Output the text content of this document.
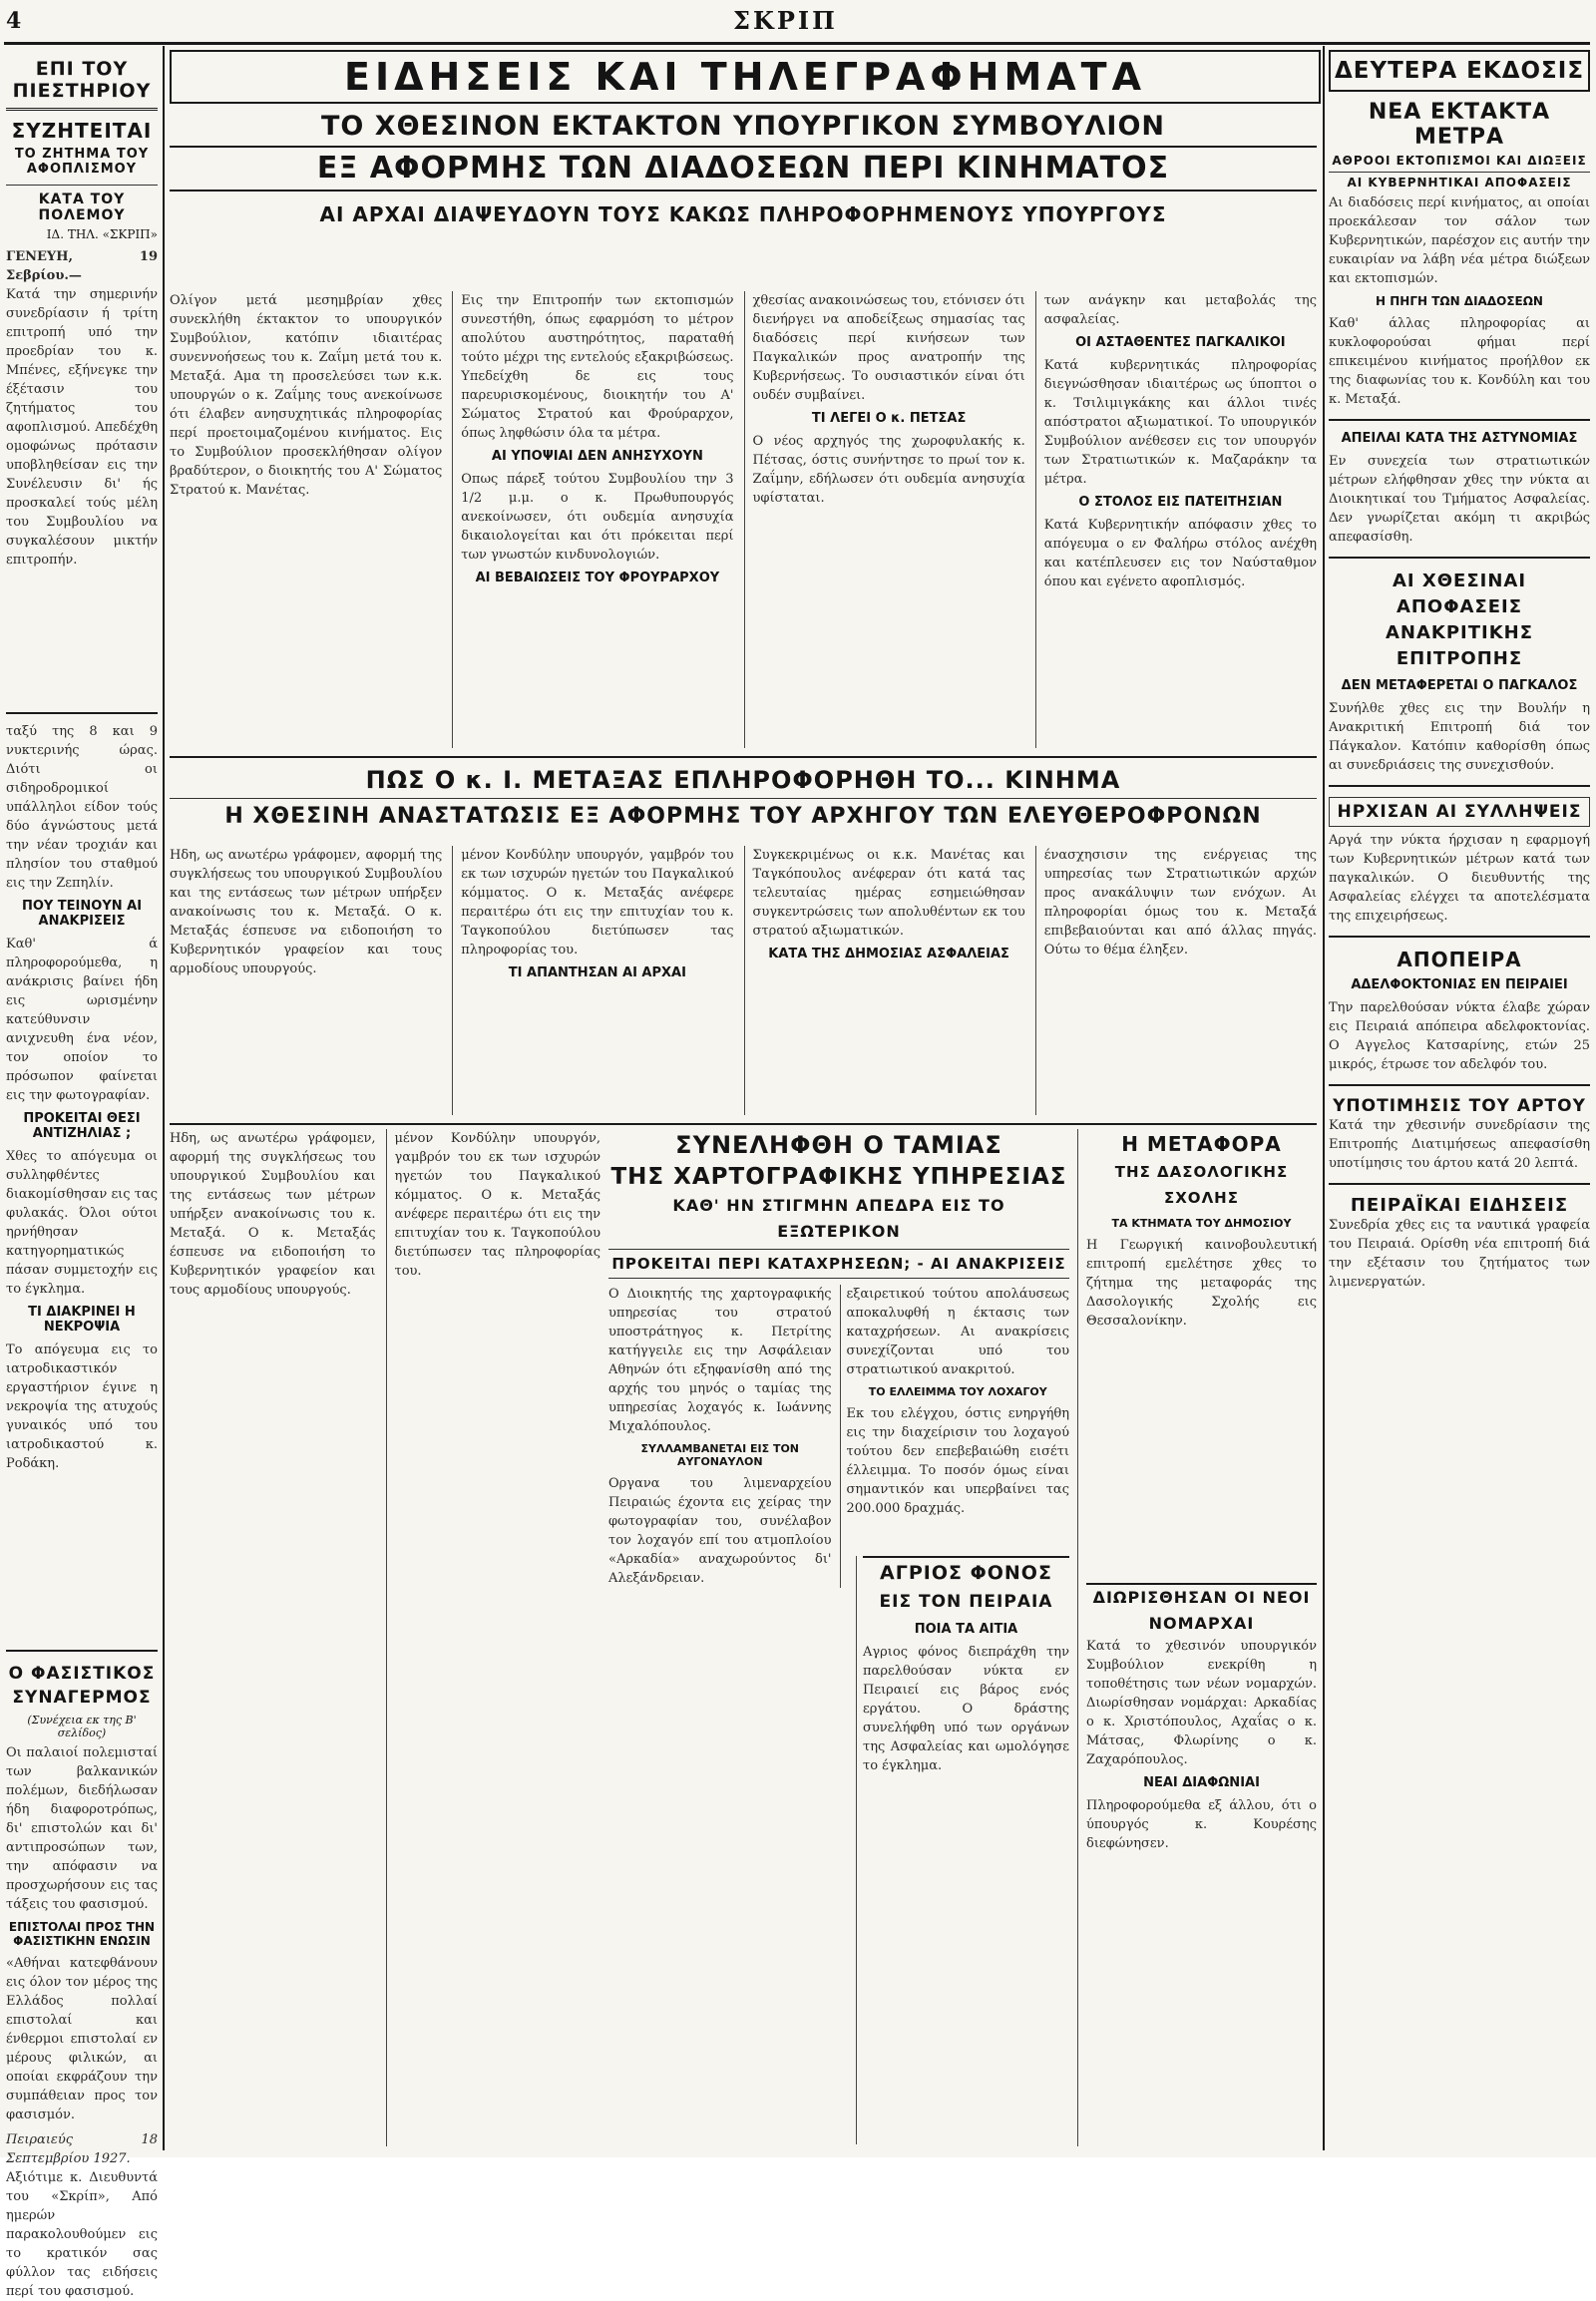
4	ΣΚΡΙΠ
ΕΠΙ ΤΟΥ ΠΙΕΣΤΗΡΙΟΥ
ΣΥΖΗΤΕΙΤΑΙ
ΤΟ ΖΗΤΗΜΑ ΤΟΥ ΑΦΟΠΛΙΣΜΟΥ
ΚΑΤΑ ΤΟΥ ΠΟΛΕΜΟΥ
ΙΔ. ΤΗΛ. «ΣΚΡΙΠ»
ΓΕΝΕΥΗ, 19 Σεβρίου.—
Κατά την σημερινήν συνεδρίασιν ή τρίτη επιτροπή υπό την προεδρίαν του κ. Μπένες, εξήνεγκε την έξέτασιν του ζητήματος του αφοπλισμού. Απεδέχθη ομοφώνως πρότασιν υποβληθείσαν εις την Συνέλευσιν δι' ής προσκαλεί τούς μέλη του Συμβουλίου να συγκαλέσουν μικτήν επιτροπήν.
ταξύ της 8 και 9 νυκτερινής ώρας. Διότι οι σιδηροδρομικοί υπάλληλοι είδον τούς δύο άγνώστους μετά την νέαν τροχιάν και πλησίον του σταθμού εις την Ζεπηλίν.
ΠΟΥ ΤΕΙΝΟΥΝ ΑΙ ΑΝΑΚΡΙΣΕΙΣ
Καθ' ά πληροφορούμεθα, η ανάκρισις βαίνει ήδη εις ωρισμένην κατεύθυνσιν ανιχνευθη ένα νέον, τον οποίον το πρόσωπον φαίνεται εις την φωτογραφίαν.
ΠΡΟΚΕΙΤΑΙ ΘΕΣΙ ΑΝΤΙΖΗΛΙΑΣ ;
Χθες το απόγευμα οι συλληφθέντες διακομίσθησαν εις τας φυλακάς. Όλοι ούτοι ηρνήθησαν κατηγορηματικώς πάσαν συμμετοχήν εις το έγκλημα.
ΤΙ ΔΙΑΚΡΙΝΕΙ Η ΝΕΚΡΟΨΙΑ
Το απόγευμα εις το ιατροδικαστικόν εργαστήριον έγινε η νεκροψία της ατυχούς γυναικός υπό του ιατροδικαστού κ. Ροδάκη.
Ο ΦΑΣΙΣΤΙΚΟΣ ΣΥΝΑΓΕΡΜΟΣ
(Συνέχεια εκ της Β' σελίδος)
Οι παλαιοί πολεμισταί των βαλκανικών πολέμων, διεδήλωσαν ήδη διαφοροτρόπως, δι' επιστολών και δι' αντιπροσώπων των, την απόφασιν να προσχωρήσουν εις τας τάξεις του φασισμού.
ΕΠΙΣΤΟΛΑΙ ΠΡΟΣ ΤΗΝ ΦΑΣΙΣΤΙΚΗΝ ΕΝΩΣΙΝ
«Αθήναι κατεφθάνουν εις όλον τον μέρος της Ελλάδος πολλαί επιστολαί και ένθερμοι επιστολαί εν μέρους φιλικών, αι οποίαι εκφράζουν την συμπάθειαν προς τον φασισμόν.
Πειραιεύς 18 Σεπτεμβρίου 1927.
Αξιότιμε κ. Διευθυντά του «Σκρίπ», Από ημερών παρακολουθούμεν εις το κρατικόν σας φύλλον τας ειδήσεις περί του φασισμού.
ΕΙΔΗΣΕΙΣ ΚΑΙ ΤΗΛΕΓΡΑΦΗΜΑΤΑ
ΤΟ ΧΘΕΣΙΝΟΝ ΕΚΤΑΚΤΟΝ ΥΠΟΥΡΓΙΚΟΝ ΣΥΜΒΟΥΛΙΟΝ
ΕΞ ΑΦΟΡΜΗΣ ΤΩΝ ΔΙΑΔΟΣΕΩΝ ΠΕΡΙ ΚΙΝΗΜΑΤΟΣ
ΑΙ ΑΡΧΑΙ ΔΙΑΨΕΥΔΟΥΝ ΤΟΥΣ ΚΑΚΩΣ ΠΛΗΡΟΦΟΡΗΜΕΝΟΥΣ ΥΠΟΥΡΓΟΥΣ
Ολίγον μετά μεσημβρίαν χθες συνεκλήθη έκτακτον το υπουργικόν Συμβούλιον, κατόπιν ιδιαιτέρας συνεννοήσεως του κ. Ζαΐμη μετά του κ. Μεταξά. Αμα τη προσελεύσει των κ.κ. υπουργών ο κ. Ζαΐμης τους ανεκοίνωσε ότι έλαβεν ανησυχητικάς πληροφορίας περί προετοιμαζομένου κινήματος. Εις το Συμβούλιον προσεκλήθησαν ολίγον βραδύτερον, ο διοικητής του Α' Σώματος Στρατού κ. Μανέτας.
Εις την Επιτροπήν των εκτοπισμών συνεστήθη, όπως εφαρμόση το μέτρον απολύτου αυστηρότητος, παραταθή τούτο μέχρι της εντελούς εξακριβώσεως. Υπεδείχθη δε εις τους παρευρισκομένους, διοικητήν του Α' Σώματος Στρατού και Φρούραρχον, όπως ληφθώσιν όλα τα μέτρα.
ΑΙ ΥΠΟΨΙΑΙ ΔΕΝ ΑΝΗΣΥΧΟΥΝ
Οπως πάρεξ τούτου Συμβουλίου την 3 1/2 μ.μ. ο κ. Πρωθυπουργός ανεκοίνωσεν, ότι ουδεμία ανησυχία δικαιολογείται και ότι πρόκειται περί των γνωστών κινδυνολογιών.
ΑΙ ΒΕΒΑΙΩΣΕΙΣ ΤΟΥ ΦΡΟΥΡΑΡΧΟΥ
χθεσίας ανακοινώσεως του, ετόνισεν ότι διενήργει να αποδείξεως σημασίας τας διαδόσεις περί κινήσεων των Παγκαλικών προς ανατροπήν της Κυβερνήσεως. Το ουσιαστικόν είναι ότι ουδέν συμβαίνει.
ΤΙ ΛΕΓΕΙ Ο κ. ΠΕΤΣΑΣ
Ο νέος αρχηγός της χωροφυλακής κ. Πέτσας, όστις συνήντησε το πρωί τον κ. Ζαΐμην, εδήλωσεν ότι ουδεμία ανησυχία υφίσταται.
των ανάγκην και μεταβολάς της ασφαλείας.
ΟΙ ΑΣΤΑΘΕΝΤΕΣ ΠΑΓΚΑΛΙΚΟΙ
Κατά κυβερνητικάς πληροφορίας διεγνώσθησαν ιδιαιτέρως ως ύποπτοι ο κ. Τσιλιμιγκάκης και άλλοι τινές απόστρατοι αξιωματικοί. Το υπουργικόν Συμβούλιον ανέθεσεν εις τον υπουργόν των Στρατιωτικών κ. Μαζαράκην τα μέτρα.
Ο ΣΤΟΛΟΣ ΕΙΣ ΠΑΤΕΙΤΗΣΙΑΝ
Κατά Κυβερνητικήν απόφασιν χθες το απόγευμα ο εν Φαλήρω στόλος ανέχθη και κατέπλευσεν εις τον Ναύσταθμον όπου και εγένετο αφοπλισμός.
ΠΩΣ Ο κ. Ι. ΜΕΤΑΞΑΣ ΕΠΛΗΡΟΦΟΡΗΘΗ ΤΟ... ΚΙΝΗΜΑ
Η ΧΘΕΣΙΝΗ ΑΝΑΣΤΑΤΩΣΙΣ ΕΞ ΑΦΟΡΜΗΣ ΤΟΥ ΑΡΧΗΓΟΥ ΤΩΝ ΕΛΕΥΘΕΡΟΦΡΟΝΩΝ
Ηδη, ως ανωτέρω γράφομεν, αφορμή της συγκλήσεως του υπουργικού Συμβουλίου και της εντάσεως των μέτρων υπήρξεν ανακοίνωσις του κ. Μεταξά. Ο κ. Μεταξάς έσπευσε να ειδοποιήση το Κυβερνητικόν γραφείον και τους αρμοδίους υπουργούς.
μένον Κονδύλην υπουργόν, γαμβρόν του εκ των ισχυρών ηγετών του Παγκαλικού κόμματος. Ο κ. Μεταξάς ανέφερε περαιτέρω ότι εις την επιτυχίαν του κ. Ταγκοπούλου διετύπωσεν τας πληροφορίας του.
ΤΙ ΑΠΑΝΤΗΣΑΝ ΑΙ ΑΡΧΑΙ
Συγκεκριμένως οι κ.κ. Μανέτας και Ταγκόπουλος ανέφεραν ότι κατά τας τελευταίας ημέρας εσημειώθησαν συγκεντρώσεις των απολυθέντων εκ του στρατού αξιωματικών.
ΚΑΤΑ ΤΗΣ ΔΗΜΟΣΙΑΣ ΑΣΦΑΛΕΙΑΣ
ένασχησισιν της ενέργειας της υπηρεσίας των Στρατιωτικών αρχών προς ανακάλυψιν των ενόχων. Αι πληροφορίαι όμως του κ. Μεταξά επιβεβαιούνται και από άλλας πηγάς. Ούτω το θέμα έληξεν.
ΣΥΝΕΛΗΦΘΗ Ο ΤΑΜΙΑΣ
ΤΗΣ ΧΑΡΤΟΓΡΑΦΙΚΗΣ ΥΠΗΡΕΣΙΑΣ
ΚΑΘ' ΗΝ ΣΤΙΓΜΗΝ ΑΠΕΔΡΑ ΕΙΣ ΤΟ ΕΞΩΤΕΡΙΚΟΝ
ΠΡΟΚΕΙΤΑΙ ΠΕΡΙ ΚΑΤΑΧΡΗΣΕΩΝ; - ΑΙ ΑΝΑΚΡΙΣΕΙΣ
Ο Διοικητής της χαρτογραφικής υπηρεσίας του στρατού υποστράτηγος κ. Πετρίτης κατήγγειλε εις την Ασφάλειαν Αθηνών ότι εξηφανίσθη από της αρχής του μηνός ο ταμίας της υπηρεσίας λοχαγός κ. Ιωάννης Μιχαλόπουλος.
ΣΥΛΛΑΜΒΑΝΕΤΑΙ ΕΙΣ ΤΟΝ ΑΥΓΟΝΑΥΛΟΝ
Οργανα του λιμεναρχείου Πειραιώς έχοντα εις χείρας την φωτογραφίαν του, συνέλαβον τον λοχαγόν επί του ατμοπλοίου «Αρκαδία» αναχωρούντος δι' Αλεξάνδρειαν.
εξαιρετικού τούτου απολάυσεως αποκαλυφθή η έκτασις των καταχρήσεων. Αι ανακρίσεις συνεχίζονται υπό του στρατιωτικού ανακριτού.
ΤΟ ΕΛΛΕΙΜΜΑ ΤΟΥ ΛΟΧΑΓΟΥ
Εκ του ελέγχου, όστις ενηργήθη εις την διαχείρισιν του λοχαγού τούτου δεν επεβεβαιώθη εισέτι έλλειμμα. Το ποσόν όμως είναι σημαντικόν και υπερβαίνει τας 200.000 δραχμάς.
Ηδη, ως ανωτέρω γράφομεν, αφορμή της συγκλήσεως του υπουργικού Συμβουλίου και της εντάσεως των μέτρων υπήρξεν ανακοίνωσις του κ. Μεταξά. Ο κ. Μεταξάς έσπευσε να ειδοποιήση το Κυβερνητικόν γραφείον και τους αρμοδίους υπουργούς.
μένον Κονδύλην υπουργόν, γαμβρόν του εκ των ισχυρών ηγετών του Παγκαλικού κόμματος. Ο κ. Μεταξάς ανέφερε περαιτέρω ότι εις την επιτυχίαν του κ. Ταγκοπούλου διετύπωσεν τας πληροφορίας του.
ΑΓΡΙΟΣ ΦΟΝΟΣ
ΕΙΣ ΤΟΝ ΠΕΙΡΑΙΑ
ΠΟΙΑ ΤΑ ΑΙΤΙΑ
Αγριος φόνος διεπράχθη την παρελθούσαν νύκτα εν Πειραιεί εις βάρος ενός εργάτου. Ο δράστης συνελήφθη υπό των οργάνων της Ασφαλείας και ωμολόγησε το έγκλημα.
Η ΜΕΤΑΦΟΡΑ
ΤΗΣ ΔΑΣΟΛΟΓΙΚΗΣ ΣΧΟΛΗΣ
ΤΑ ΚΤΗΜΑΤΑ ΤΟΥ ΔΗΜΟΣΙΟΥ
Η Γεωργική καινοβουλευτική επιτροπή εμελέτησε χθες το ζήτημα της μεταφοράς της Δασολογικής Σχολής εις Θεσσαλονίκην.
ΔΙΩΡΙΣΘΗΣΑΝ ΟΙ ΝΕΟΙ ΝΟΜΑΡΧΑΙ
Κατά το χθεσινόν υπουργικόν Συμβούλιον ενεκρίθη η τοποθέτησις των νέων νομαρχών. Διωρίσθησαν νομάρχαι: Αρκαδίας ο κ. Χριστόπουλος, Αχαΐας ο κ. Μάτσας, Φλωρίνης ο κ. Ζαχαρόπουλος.
ΝΕΑΙ ΔΙΑΦΩΝΙΑΙ
Πληροφορούμεθα εξ άλλου, ότι ο ύπουργός κ. Κουρέσης διεφώνησεν.
ΔΕΥΤΕΡΑ ΕΚΔΟΣΙΣ
ΝΕΑ ΕΚΤΑΚΤΑ ΜΕΤΡΑ
ΑΘΡΟΟΙ ΕΚΤΟΠΙΣΜΟΙ ΚΑΙ ΔΙΩΞΕΙΣ
ΑΙ ΚΥΒΕΡΝΗΤΙΚΑΙ ΑΠΟΦΑΣΕΙΣ
Αι διαδόσεις περί κινήματος, αι οποίαι προεκάλεσαν τον σάλον των Κυβερνητικών, παρέσχον εις αυτήν την ευκαιρίαν να λάβη νέα μέτρα διώξεων και εκτοπισμών.
Η ΠΗΓΗ ΤΩΝ ΔΙΑΔΟΣΕΩΝ
Καθ' άλλας πληροφορίας αι κυκλοφορούσαι φήμαι περί επικειμένου κινήματος προήλθον εκ της διαφωνίας του κ. Κονδύλη και του κ. Μεταξά.
ΑΠΕΙΛΑΙ ΚΑΤΑ ΤΗΣ ΑΣΤΥΝΟΜΙΑΣ
Εν συνεχεία των στρατιωτικών μέτρων ελήφθησαν χθες την νύκτα αι Διοικητικαί του Τμήματος Ασφαλείας. Δεν γνωρίζεται ακόμη τι ακριβώς απεφασίσθη.
ΑΙ ΧΘΕΣΙΝΑΙ ΑΠΟΦΑΣΕΙΣ ΑΝΑΚΡΙΤΙΚΗΣ ΕΠΙΤΡΟΠΗΣ
ΔΕΝ ΜΕΤΑΦΕΡΕΤΑΙ Ο ΠΑΓΚΑΛΟΣ
Συνήλθε χθες εις την Βουλήν η Ανακριτική Επιτροπή διά τον Πάγκαλον. Κατόπιν καθορίσθη όπως αι συνεδριάσεις της συνεχισθούν.
ΗΡΧΙΣΑΝ ΑΙ ΣΥΛΛΗΨΕΙΣ
Αργά την νύκτα ήρχισαν η εφαρμογή των Κυβερνητικών μέτρων κατά των παγκαλικών. Ο διευθυντής της Ασφαλείας ελέγχει τα αποτελέσματα της επιχειρήσεως.
ΑΠΟΠΕΙΡΑ
ΑΔΕΛΦΟΚΤΟΝΙΑΣ ΕΝ ΠΕΙΡΑΙΕΙ
Την παρελθούσαν νύκτα έλαβε χώραν εις Πειραιά απόπειρα αδελφοκτονίας. Ο Αγγελος Κατσαρίνης, ετών 25 μικρός, έτρωσε τον αδελφόν του.
ΥΠΟΤΙΜΗΣΙΣ ΤΟΥ ΑΡΤΟΥ
Κατά την χθεσινήν συνεδρίασιν της Επιτροπής Διατιμήσεως απεφασίσθη υποτίμησις του άρτου κατά 20 λεπτά.
ΠΕΙΡΑΪΚΑΙ ΕΙΔΗΣΕΙΣ
Συνεδρία χθες εις τα ναυτικά γραφεία του Πειραιά. Ορίσθη νέα επιτροπή διά την εξέτασιν του ζητήματος των λιμενεργατών.
